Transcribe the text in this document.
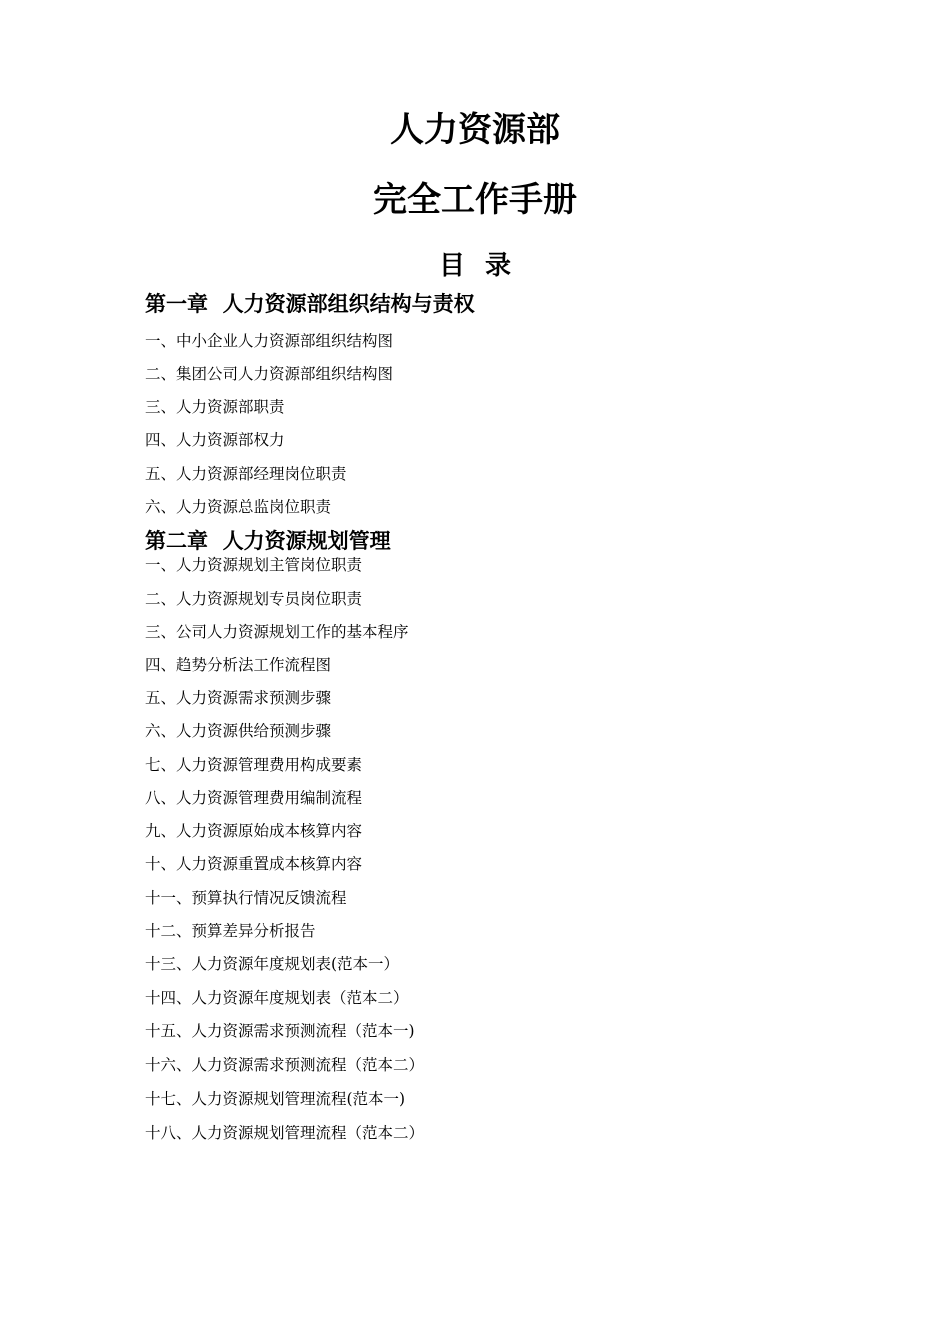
人力资源部
完全工作手册
目录
第一章  人力资源部组织结构与责权
一、中小企业人力资源部组织结构图
二、集团公司人力资源部组织结构图
三、人力资源部职责
四、人力资源部权力
五、人力资源部经理岗位职责
六、人力资源总监岗位职责
第二章  人力资源规划管理
一、人力资源规划主管岗位职责
二、人力资源规划专员岗位职责
三、公司人力资源规划工作的基本程序
四、趋势分析法工作流程图
五、人力资源需求预测步骤
六、人力资源供给预测步骤
七、人力资源管理费用构成要素
八、人力资源管理费用编制流程
九、人力资源原始成本核算内容
十、人力资源重置成本核算内容
十一、预算执行情况反馈流程
十二、预算差异分析报告
十三、人力资源年度规划表(范本一）
十四、人力资源年度规划表（范本二）
十五、人力资源需求预测流程（范本一)
十六、人力资源需求预测流程（范本二）
十七、人力资源规划管理流程(范本一)
十八、人力资源规划管理流程（范本二）
